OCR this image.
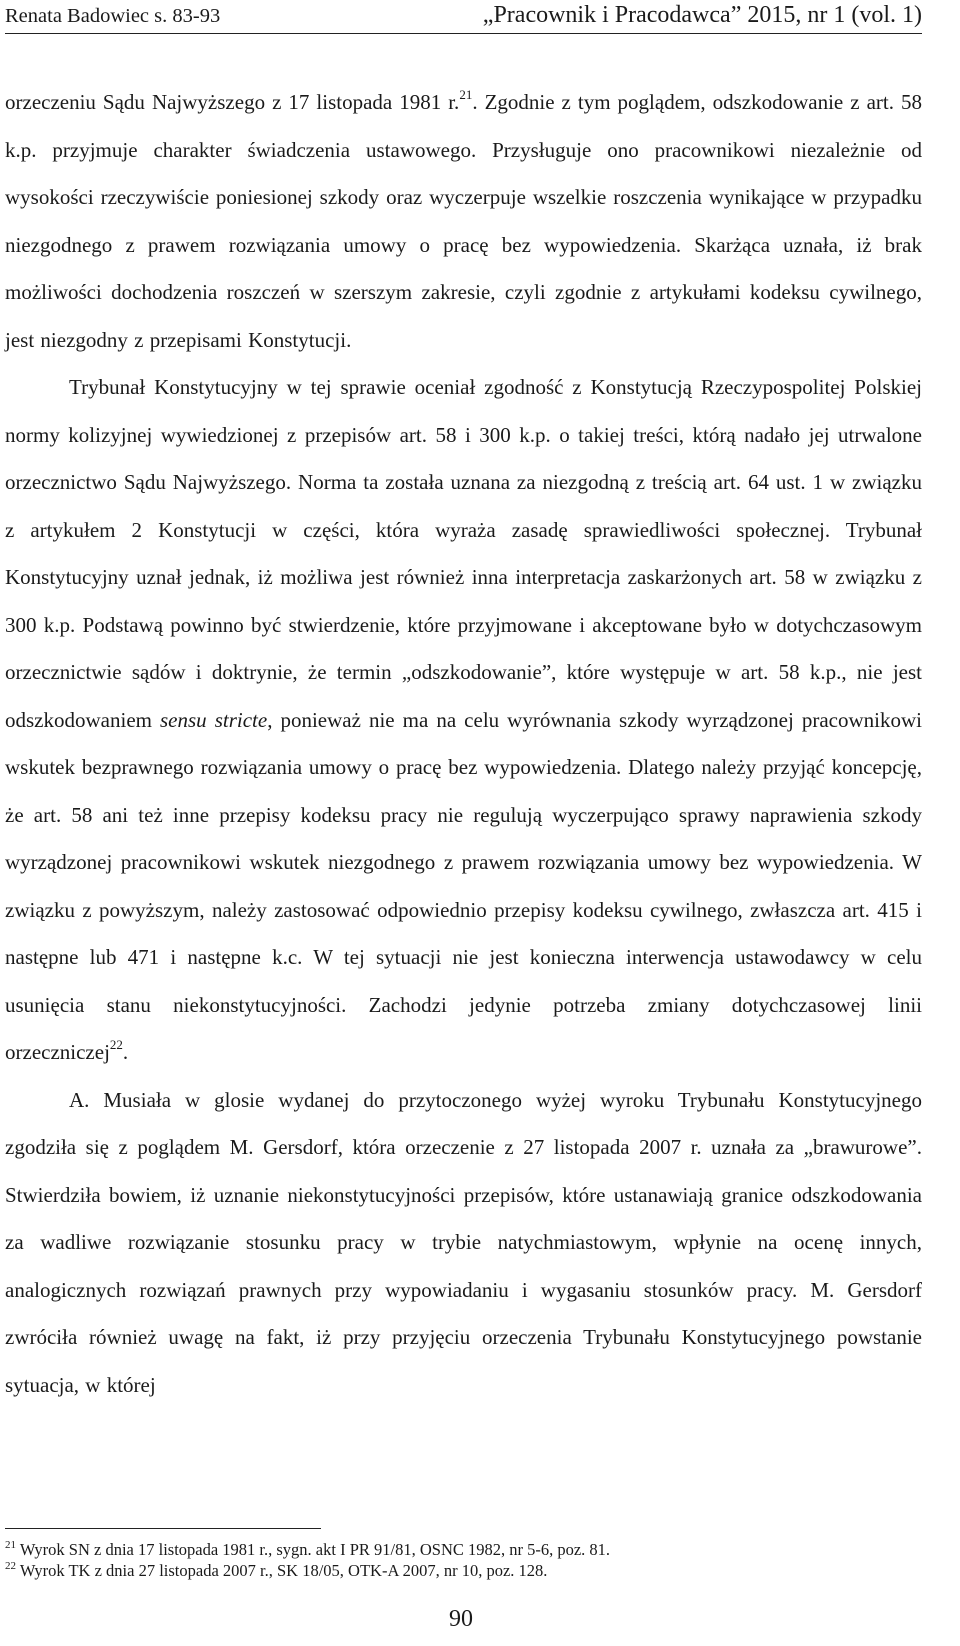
Renata Badowiec s. 83-93	„Pracownik i Pracodawca” 2015, nr 1 (vol. 1)

orzeczeniu Sądu Najwyższego z 17 listopada 1981 r.$^{21}$. Zgodnie z tym poglądem, odszkodowanie z art. 58 k.p. przyjmuje charakter świadczenia ustawowego. Przysługuje ono pracownikowi niezależnie od wysokości rzeczywiście poniesionej szkody oraz wyczerpuje wszelkie roszczenia wynikające w przypadku niezgodnego z prawem rozwiązania umowy o pracę bez wypowiedzenia. Skarżąca uznała, iż brak możliwości dochodzenia roszczeń w szerszym zakresie, czyli zgodnie z artykułami kodeksu cywilnego, jest niezgodny z przepisami Konstytucji.

Trybunał Konstytucyjny w tej sprawie oceniał zgodność z Konstytucją Rzeczypospolitej Polskiej normy kolizyjnej wywiedzionej z przepisów art. 58 i 300 k.p. o takiej treści, którą nadało jej utrwalone orzecznictwo Sądu Najwyższego. Norma ta została uznana za niezgodną z treścią art. 64 ust. 1 w związku z artykułem 2 Konstytucji w części, która wyraża zasadę sprawiedliwości społecznej. Trybunał Konstytucyjny uznał jednak, iż możliwa jest również inna interpretacja zaskarżonych art. 58 w związku z 300 k.p. Podstawą powinno być stwierdzenie, które przyjmowane i akceptowane było w dotychczasowym orzecznictwie sądów i doktrynie, że termin „odszkodowanie”, które występuje w art. 58 k.p., nie jest odszkodowaniem sensu stricte, ponieważ nie ma na celu wyrównania szkody wyrządzonej pracownikowi wskutek bezprawnego rozwiązania umowy o pracę bez wypowiedzenia. Dlatego należy przyjąć koncepcję, że art. 58 ani też inne przepisy kodeksu pracy nie regulują wyczerpująco sprawy naprawienia szkody wyrządzonej pracownikowi wskutek niezgodnego z prawem rozwiązania umowy bez wypowiedzenia. W związku z powyższym, należy zastosować odpowiednio przepisy kodeksu cywilnego, zwłaszcza art. 415 i następne lub 471 i następne k.c. W tej sytuacji nie jest konieczna interwencja ustawodawcy w celu usunięcia stanu niekonstytucyjności. Zachodzi jedynie potrzeba zmiany dotychczasowej linii orzeczniczej$^{22}$.

A. Musiała w glosie wydanej do przytoczonego wyżej wyroku Trybunału Konstytucyjnego zgodziła się z poglądem M. Gersdorf, która orzeczenie z 27 listopada 2007 r. uznała za „brawurowe”. Stwierdziła bowiem, iż uznanie niekonstytucyjności przepisów, które ustanawiają granice odszkodowania za wadliwe rozwiązanie stosunku pracy w trybie natychmiastowym, wpłynie na ocenę innych, analogicznych rozwiązań prawnych przy wypowiadaniu i wygasaniu stosunków pracy. M. Gersdorf zwróciła również uwagę na fakt, iż przy przyjęciu orzeczenia Trybunału Konstytucyjnego powstanie sytuacja, w której

$^{21}$ Wyrok SN z dnia 17 listopada 1981 r., sygn. akt I PR 91/81, OSNC 1982, nr 5-6, poz. 81.
$^{22}$ Wyrok TK z dnia 27 listopada 2007 r., SK 18/05, OTK-A 2007, nr 10, poz. 128.
90
